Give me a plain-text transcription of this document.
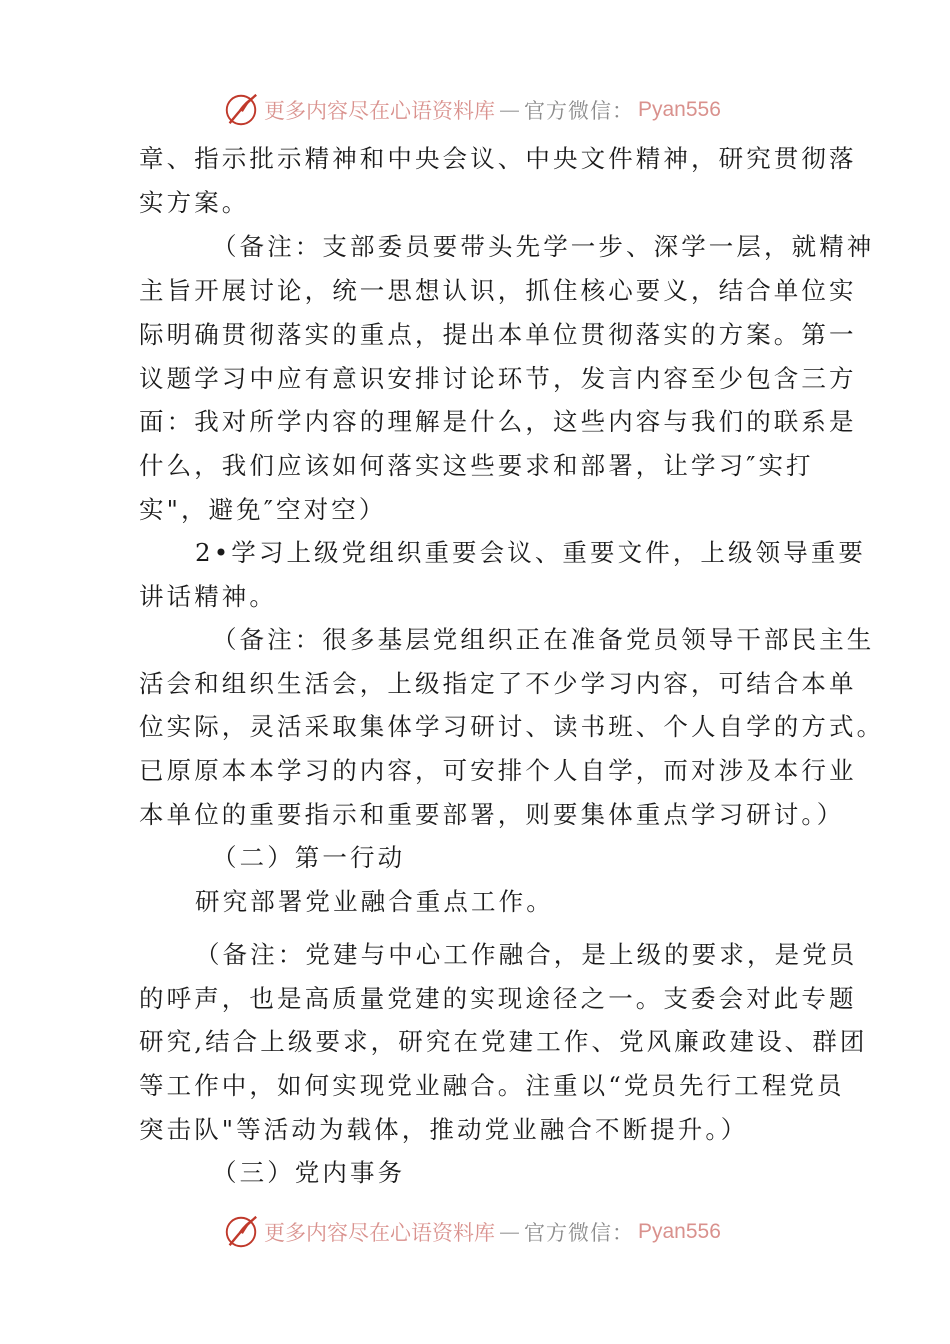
更多内容尽在心语资料库 — 官方微信： Pyan556

章、指示批示精神和中央会议、中央文件精神，研究贯彻落

实方案。

（备注：支部委员要带头先学一步、深学一层，就精神

主旨开展讨论，统一思想认识，抓住核心要义，结合单位实

际明确贯彻落实的重点，提出本单位贯彻落实的方案。第一

议题学习中应有意识安排讨论环节，发言内容至少包含三方

面：我对所学内容的理解是什么，这些内容与我们的联系是

什么，我们应该如何落实这些要求和部署，让学习″实打

实"，避免″空对空）

2•学习上级党组织重要会议、重要文件，上级领导重要

讲话精神。

（备注：很多基层党组织正在准备党员领导干部民主生

活会和组织生活会，上级指定了不少学习内容，可结合本单

位实际，灵活采取集体学习研讨、读书班、个人自学的方式。

已原原本本学习的内容，可安排个人自学，而对涉及本行业

本单位的重要指示和重要部署，则要集体重点学习研讨。）

（二）第一行动

研究部署党业融合重点工作。

（备注：党建与中心工作融合，是上级的要求，是党员

的呼声，也是高质量党建的实现途径之一。支委会对此专题

研究,结合上级要求，研究在党建工作、党风廉政建设、群团

等工作中，如何实现党业融合。注重以“党员先行工程党员

突击队"等活动为载体，推动党业融合不断提升。）

（三）党内事务

更多内容尽在心语资料库 — 官方微信： Pyan556
